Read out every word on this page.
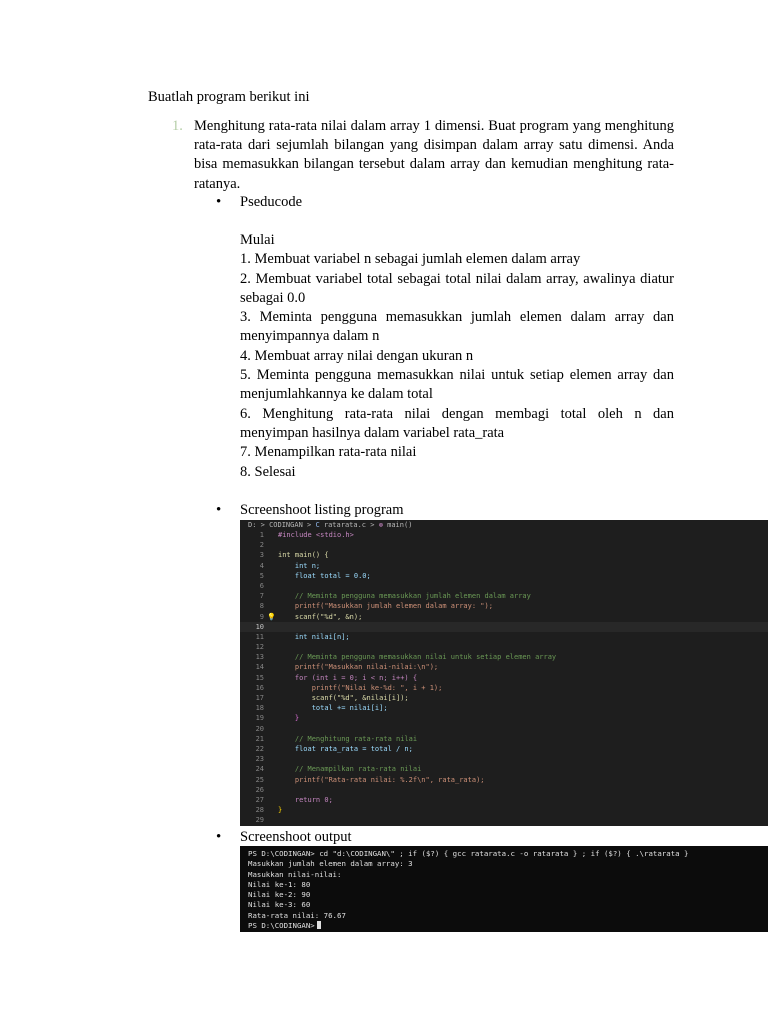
Buatlah program berikut ini
1. Menghitung rata-rata nilai dalam array 1 dimensi. Buat program yang menghitung rata-rata dari sejumlah bilangan yang disimpan dalam array satu dimensi. Anda bisa memasukkan bilangan tersebut dalam array dan kemudian menghitung rata-ratanya.
• Pseducode

Mulai

1. Membuat variabel n sebagai jumlah elemen dalam array

2. Membuat variabel total sebagai total nilai dalam array, awalinya diatur sebagai 0.0

3. Meminta pengguna memasukkan jumlah elemen dalam array dan menyimpannya dalam n

4. Membuat array nilai dengan ukuran n

5. Meminta pengguna memasukkan nilai untuk setiap elemen array dan menjumlahkannya ke dalam total

6. Menghitung rata-rata nilai dengan membagi total oleh n dan menyimpan hasilnya dalam variabel rata_rata

7. Menampilkan rata-rata nilai

8. Selesai

• Screenshoot listing program
D: > CODINGAN > C ratarata.c > ⊛ main()
1 #include <stdio.h>
2
3 int main() {
4 int n;
5 float total = 0.0;
6
7 // Meminta pengguna memasukkan jumlah elemen dalam array
8 printf("Masukkan jumlah elemen dalam array: ");
9 💡 scanf("%d", &n);
10
11 int nilai[n];
12
13 // Meminta pengguna memasukkan nilai untuk setiap elemen array
14 printf("Masukkan nilai-nilai:\n");
15 for (int i = 0; i < n; i++) {
16 printf("Nilai ke-%d: ", i + 1);
17 scanf("%d", &nilai[i]);
18 total += nilai[i];
19 }
20
21 // Menghitung rata-rata nilai
22 float rata_rata = total / n;
23
24 // Menampilkan rata-rata nilai
25 printf("Rata-rata nilai: %.2f\n", rata_rata);
26
27 return 0;
28 }
29
• Screenshoot output
PS D:\CODINGAN> cd "d:\CODINGAN\" ; if ($?) { gcc ratarata.c -o ratarata } ; if ($?) { .\ratarata }
Masukkan jumlah elemen dalam array: 3
Masukkan nilai-nilai:
Nilai ke-1: 80
Nilai ke-2: 90
Nilai ke-3: 60
Rata-rata nilai: 76.67
PS D:\CODINGAN>
